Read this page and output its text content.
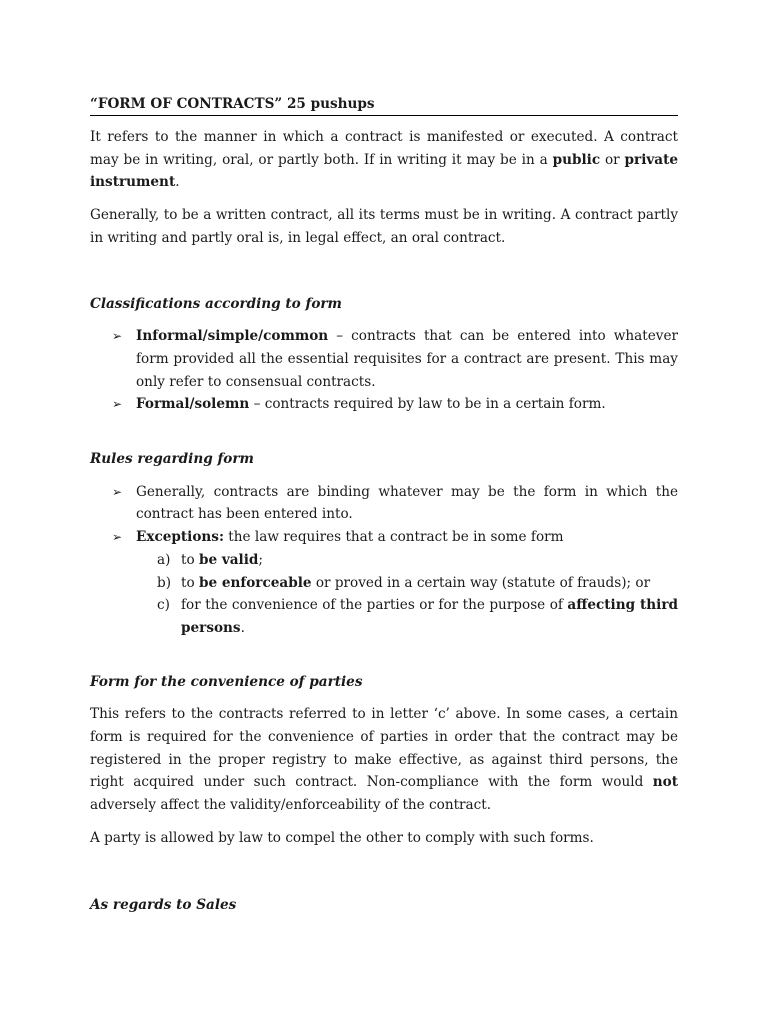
“FORM OF CONTRACTS” 25 pushups

It refers to the manner in which a contract is manifested or executed. A contract may be in writing, oral, or partly both. If in writing it may be in a public or private instrument.

Generally, to be a written contract, all its terms must be in writing. A contract partly in writing and partly oral is, in legal effect, an oral contract.

Classifications according to form

➢ Informal/simple/common – contracts that can be entered into whatever form provided all the essential requisites for a contract are present. This may only refer to consensual contracts.
➢ Formal/solemn – contracts required by law to be in a certain form.

Rules regarding form

➢ Generally, contracts are binding whatever may be the form in which the contract has been entered into.
➢ Exceptions: the law requires that a contract be in some form
a) to be valid;
b) to be enforceable or proved in a certain way (statute of frauds); or
c) for the convenience of the parties or for the purpose of affecting third persons.

Form for the convenience of parties

This refers to the contracts referred to in letter ‘c’ above. In some cases, a certain form is required for the convenience of parties in order that the contract may be registered in the proper registry to make effective, as against third persons, the right acquired under such contract. Non-compliance with the form would not adversely affect the validity/enforceability of the contract.

A party is allowed by law to compel the other to comply with such forms.

As regards to Sales
